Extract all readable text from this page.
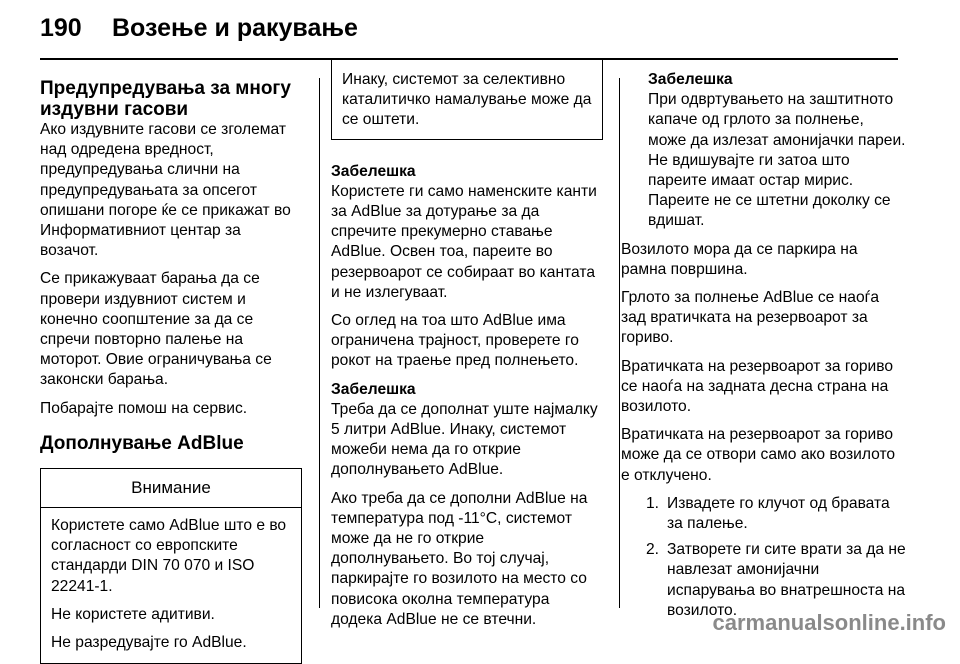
190 Возење и ракување
Предупредувања за многу издувни гасови

Ако издувните гасови се зголемат над одредена вредност, предупредувања слични на предупредувањата за опсегот опишани погоре ќе се прикажат во Информативниот центар за возачот.

Се прикажуваат барања да се провери издувниот систем и конечно соопштение за да се спречи повторно палење на моторот. Овие ограничувања се законски барања.

Побарајте помош на сервис.

Дополнување AdBlue
Внимание

Користете само AdBlue што е во согласност со европските стандарди DIN 70 070 и ISO 22241-1.

Не користете адитиви.

Не разредувајте го AdBlue.

Инаку, системот за селективно каталитичко намалување може да се оштети.
Забелешка

Користете ги само наменските канти за AdBlue за дотурање за да спречите прекумерно ставање AdBlue. Освен тоа, пареите во резервоарот се собираат во кантата и не излегуваат.

Со оглед на тоа што AdBlue има ограничена трајност, проверете го рокот на траење пред полнењето.

Забелешка

Треба да се дополнат уште најмалку 5 литри AdBlue. Инаку, системот можеби нема да го открие дополнувањето AdBlue.

Ако треба да се дополни AdBlue на температура под -11°C, системот може да не го открие дополнувањето. Во тој случај, паркирајте го возилото на место со повисока околна температура додека AdBlue не се втечни.

Забелешка

При одвртувањето на заштитното капаче од грлото за полнење, може да излезат амонијачки пареи. Не вдишувајте ги затоа што пареите имаат остар мирис. Пареите не се штетни доколку се вдишат.

Возилото мора да се паркира на рамна површина.

Грлото за полнење AdBlue се наоѓа зад вратичката на резервоарот за гориво.

Вратичката на резервоарот за гориво се наоѓа на задната десна страна на возилото.

Вратичката на резервоарот за гориво може да се отвори само ако возилото е отклучено.

1. Извадете го клучот од бравата за палење.
2. Затворете ги сите врати за да не навлезат амонијачни испарувања во внатрешноста на возилото.
carmanualsonline.info
